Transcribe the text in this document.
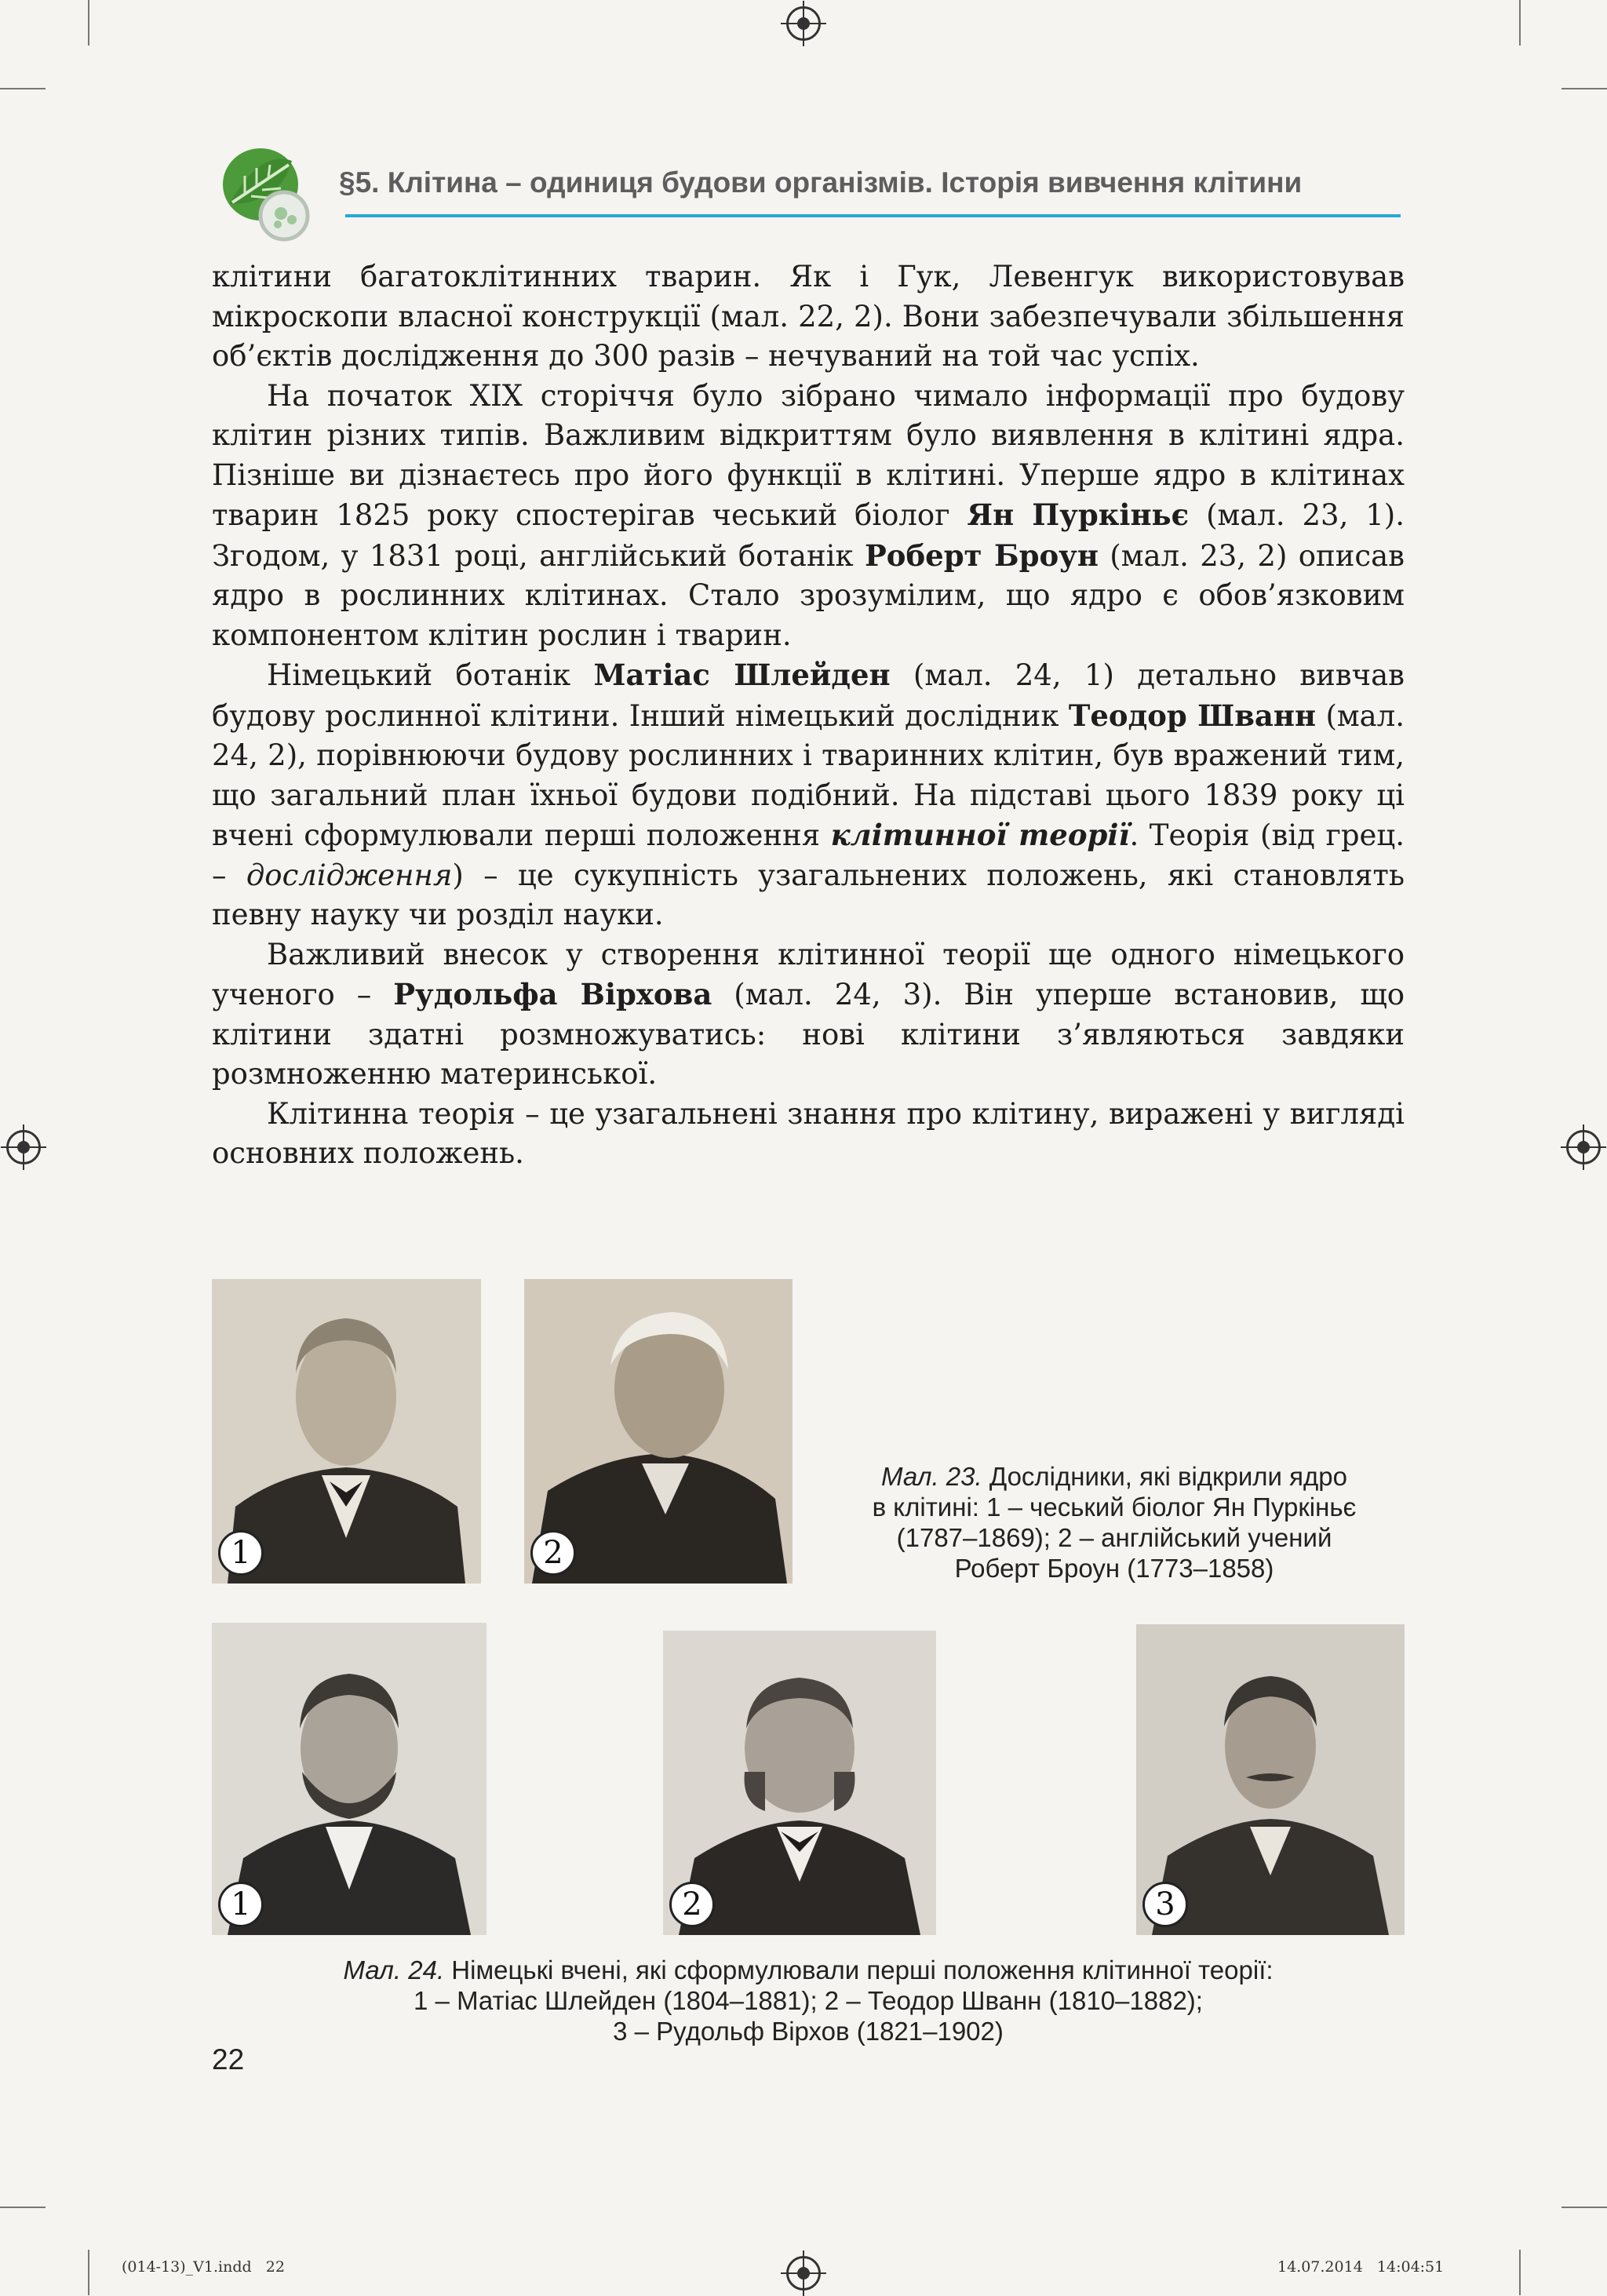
§5. Клітина – одиниця будови організмів. Історія вивчення клітини

клітини багатоклітинних тварин. Як і Гук, Левенгук використовував мікроскопи власної конструкції (мал. 22, 2). Вони забезпечували збільшення об’єктів дослідження до 300 разів – нечуваний на той час успіх.

На початок XIX сторіччя було зібрано чимало інформації про будову клітин різних типів. Важливим відкриттям було виявлення в клітині ядра. Пізніше ви дізнаєтесь про його функції в клітині. Уперше ядро в клітинах тварин 1825 року спостерігав чеський біолог Ян Пуркіньє (мал. 23, 1). Згодом, у 1831 році, англійський ботанік Роберт Броун (мал. 23, 2) описав ядро в рослинних клітинах. Стало зрозумілим, що ядро є обов’язковим компонентом клітин рослин і тварин.

Німецький ботанік Матіас Шлейден (мал. 24, 1) детально вивчав будову рослинної клітини. Інший німецький дослідник Теодор Шванн (мал. 24, 2), порівнюючи будову рослинних і тваринних клітин, був вражений тим, що загальний план їхньої будови подібний. На підставі цього 1839 року ці вчені сформулювали перші положення клітинної теорії. Теорія (від грец. – дослідження) – це сукупність узагальнених положень, які становлять певну науку чи розділ науки.

Важливий внесок у створення клітинної теорії ще одного німецького ученого – Рудольфа Вірхова (мал. 24, 3). Він уперше встановив, що клітини здатні розмножуватись: нові клітини з’являються завдяки розмноженню материнської.

Клітинна теорія – це узагальнені знання про клітину, виражені у вигляді основних положень.

1	2
Мал. 23. Дослідники, які відкрили ядро
в клітині: 1 – чеський біолог Ян Пуркіньє
(1787–1869); 2 – англійський учений
Роберт Броун (1773–1858)
1	2	3
Мал. 24. Німецькі вчені, які сформулювали перші положення клітинної теорії:
1 – Матіас Шлейден (1804–1881); 2 – Теодор Шванн (1810–1882);
3 – Рудольф Вірхов (1821–1902)
22
(014-13)_V1.indd   22	14.07.2014   14:04:51
